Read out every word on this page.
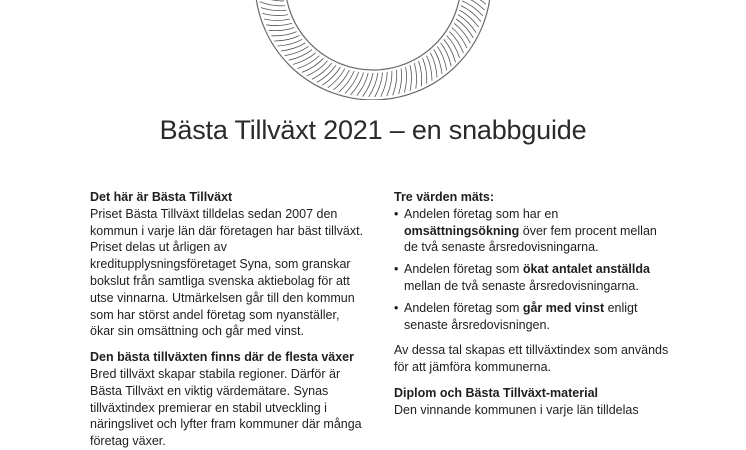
Bästa Tillväxt 2021 – en snabbguide

Det här är Bästa Tillväxt

Priset Bästa Tillväxt tilldelas sedan 2007 den kommun i varje län där företagen har bäst tillväxt. Priset delas ut årligen av kreditupplysningsföretaget Syna, som granskar bokslut från samtliga svenska aktiebolag för att utse vinnarna. Utmärkelsen går till den kommun som har störst andel företag som nyanställer, ökar sin omsättning och går med vinst.

Den bästa tillväxten finns där de flesta växer

Bred tillväxt skapar stabila regioner. Därför är Bästa Tillväxt en viktig värdemätare. Synas tillväxtindex premierar en stabil utveckling i näringslivet och lyfter fram kommuner där många företag växer.

Tre värden mäts:

• Andelen företag som har en omsättningsökning över fem procent mellan de två senaste årsredovisningarna.
• Andelen företag som ökat antalet anställda mellan de två senaste årsredovisningarna.
• Andelen företag som går med vinst enligt senaste årsredovisningen.

Av dessa tal skapas ett tillväxtindex som används för att jämföra kommunerna.

Diplom och Bästa Tillväxt-material

Den vinnande kommunen i varje län tilldelas
